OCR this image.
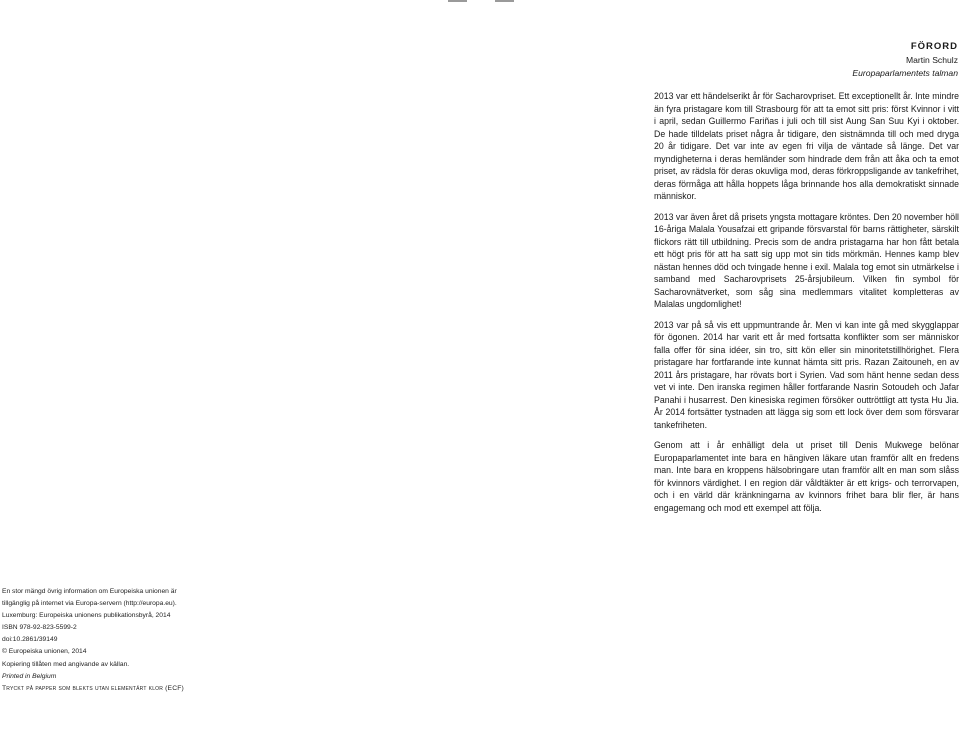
FÖRORD
Martin Schulz
Europaparlamentets talman

2013 var ett händelserikt år för Sacharovpriset. Ett exceptionellt år. Inte mindre än fyra pristagare kom till Strasbourg för att ta emot sitt pris: först Kvinnor i vitt i april, sedan Guillermo Fariñas i juli och till sist Aung San Suu Kyi i oktober. De hade tilldelats priset några år tidigare, den sistnämnda till och med dryga 20 år tidigare. Det var inte av egen fri vilja de väntade så länge. Det var myndigheterna i deras hemländer som hindrade dem från att åka och ta emot priset, av rädsla för deras okuvliga mod, deras förkroppsligande av tankefrihet, deras förmåga att hålla hoppets låga brinnande hos alla demokratiskt sinnade människor.

2013 var även året då prisets yngsta mottagare kröntes. Den 20 november höll 16-åriga Malala Yousafzai ett gripande försvarstal för barns rättigheter, särskilt flickors rätt till utbildning. Precis som de andra pristagarna har hon fått betala ett högt pris för att ha satt sig upp mot sin tids mörkmän. Hennes kamp blev nästan hennes död och tvingade henne i exil. Malala tog emot sin utmärkelse i samband med Sacharovprisets 25-årsjubileum. Vilken fin symbol för Sacharovnätverket, som såg sina medlemmars vitalitet kompletteras av Malalas ungdomlighet!

2013 var på så vis ett uppmuntrande år. Men vi kan inte gå med skygglappar för ögonen. 2014 har varit ett år med fortsatta konflikter som ser människor falla offer för sina idéer, sin tro, sitt kön eller sin minoritetstillhörighet. Flera pristagare har fortfarande inte kunnat hämta sitt pris. Razan Zaitouneh, en av 2011 års pristagare, har rövats bort i Syrien. Vad som hänt henne sedan dess vet vi inte. Den iranska regimen håller fortfarande Nasrin Sotoudeh och Jafar Panahi i husarrest. Den kinesiska regimen försöker outtröttligt att tysta Hu Jia. År 2014 fortsätter tystnaden att lägga sig som ett lock över dem som försvarar tankefriheten.

Genom att i år enhälligt dela ut priset till Denis Mukwege belönar Europaparlamentet inte bara en hängiven läkare utan framför allt en fredens man. Inte bara en kroppens hälsobringare utan framför allt en man som slåss för kvinnors värdighet. I en region där våldtäkter är ett krigs- och terrorvapen, och i en värld där kränkningarna av kvinnors frihet bara blir fler, är hans engagemang och mod ett exempel att följa.

En stor mängd övrig information om Europeiska unionen är
tillgänglig på internet via Europa-servern (http://europa.eu).
Luxemburg: Europeiska unionens publikationsbyrå, 2014
ISBN 978-92-823-5599-2
doi:10.2861/39149
© Europeiska unionen, 2014
Kopiering tillåten med angivande av källan.
Printed in Belgium
Tryckt på papper som blekts utan elementärt klor (ECF)
